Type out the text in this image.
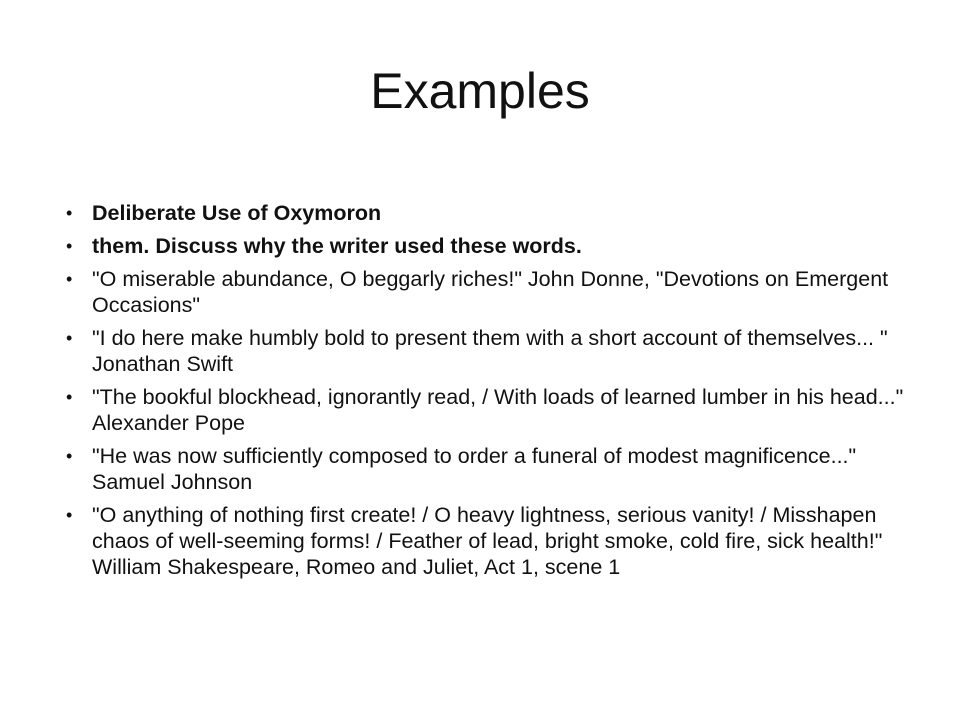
Examples
• Deliberate Use of Oxymoron
• them. Discuss why the writer used these words.
• "O miserable abundance, O beggarly riches!" John Donne, "Devotions on Emergent Occasions"
• "I do here make humbly bold to present them with a short account of themselves... " Jonathan Swift
• "The bookful blockhead, ignorantly read, / With loads of learned lumber in his head..." Alexander Pope
• "He was now sufficiently composed to order a funeral of modest magnificence..." Samuel Johnson
• "O anything of nothing first create! / O heavy lightness, serious vanity! / Misshapen chaos of well-seeming forms! / Feather of lead, bright smoke, cold fire, sick health!" William Shakespeare, Romeo and Juliet, Act 1, scene 1
